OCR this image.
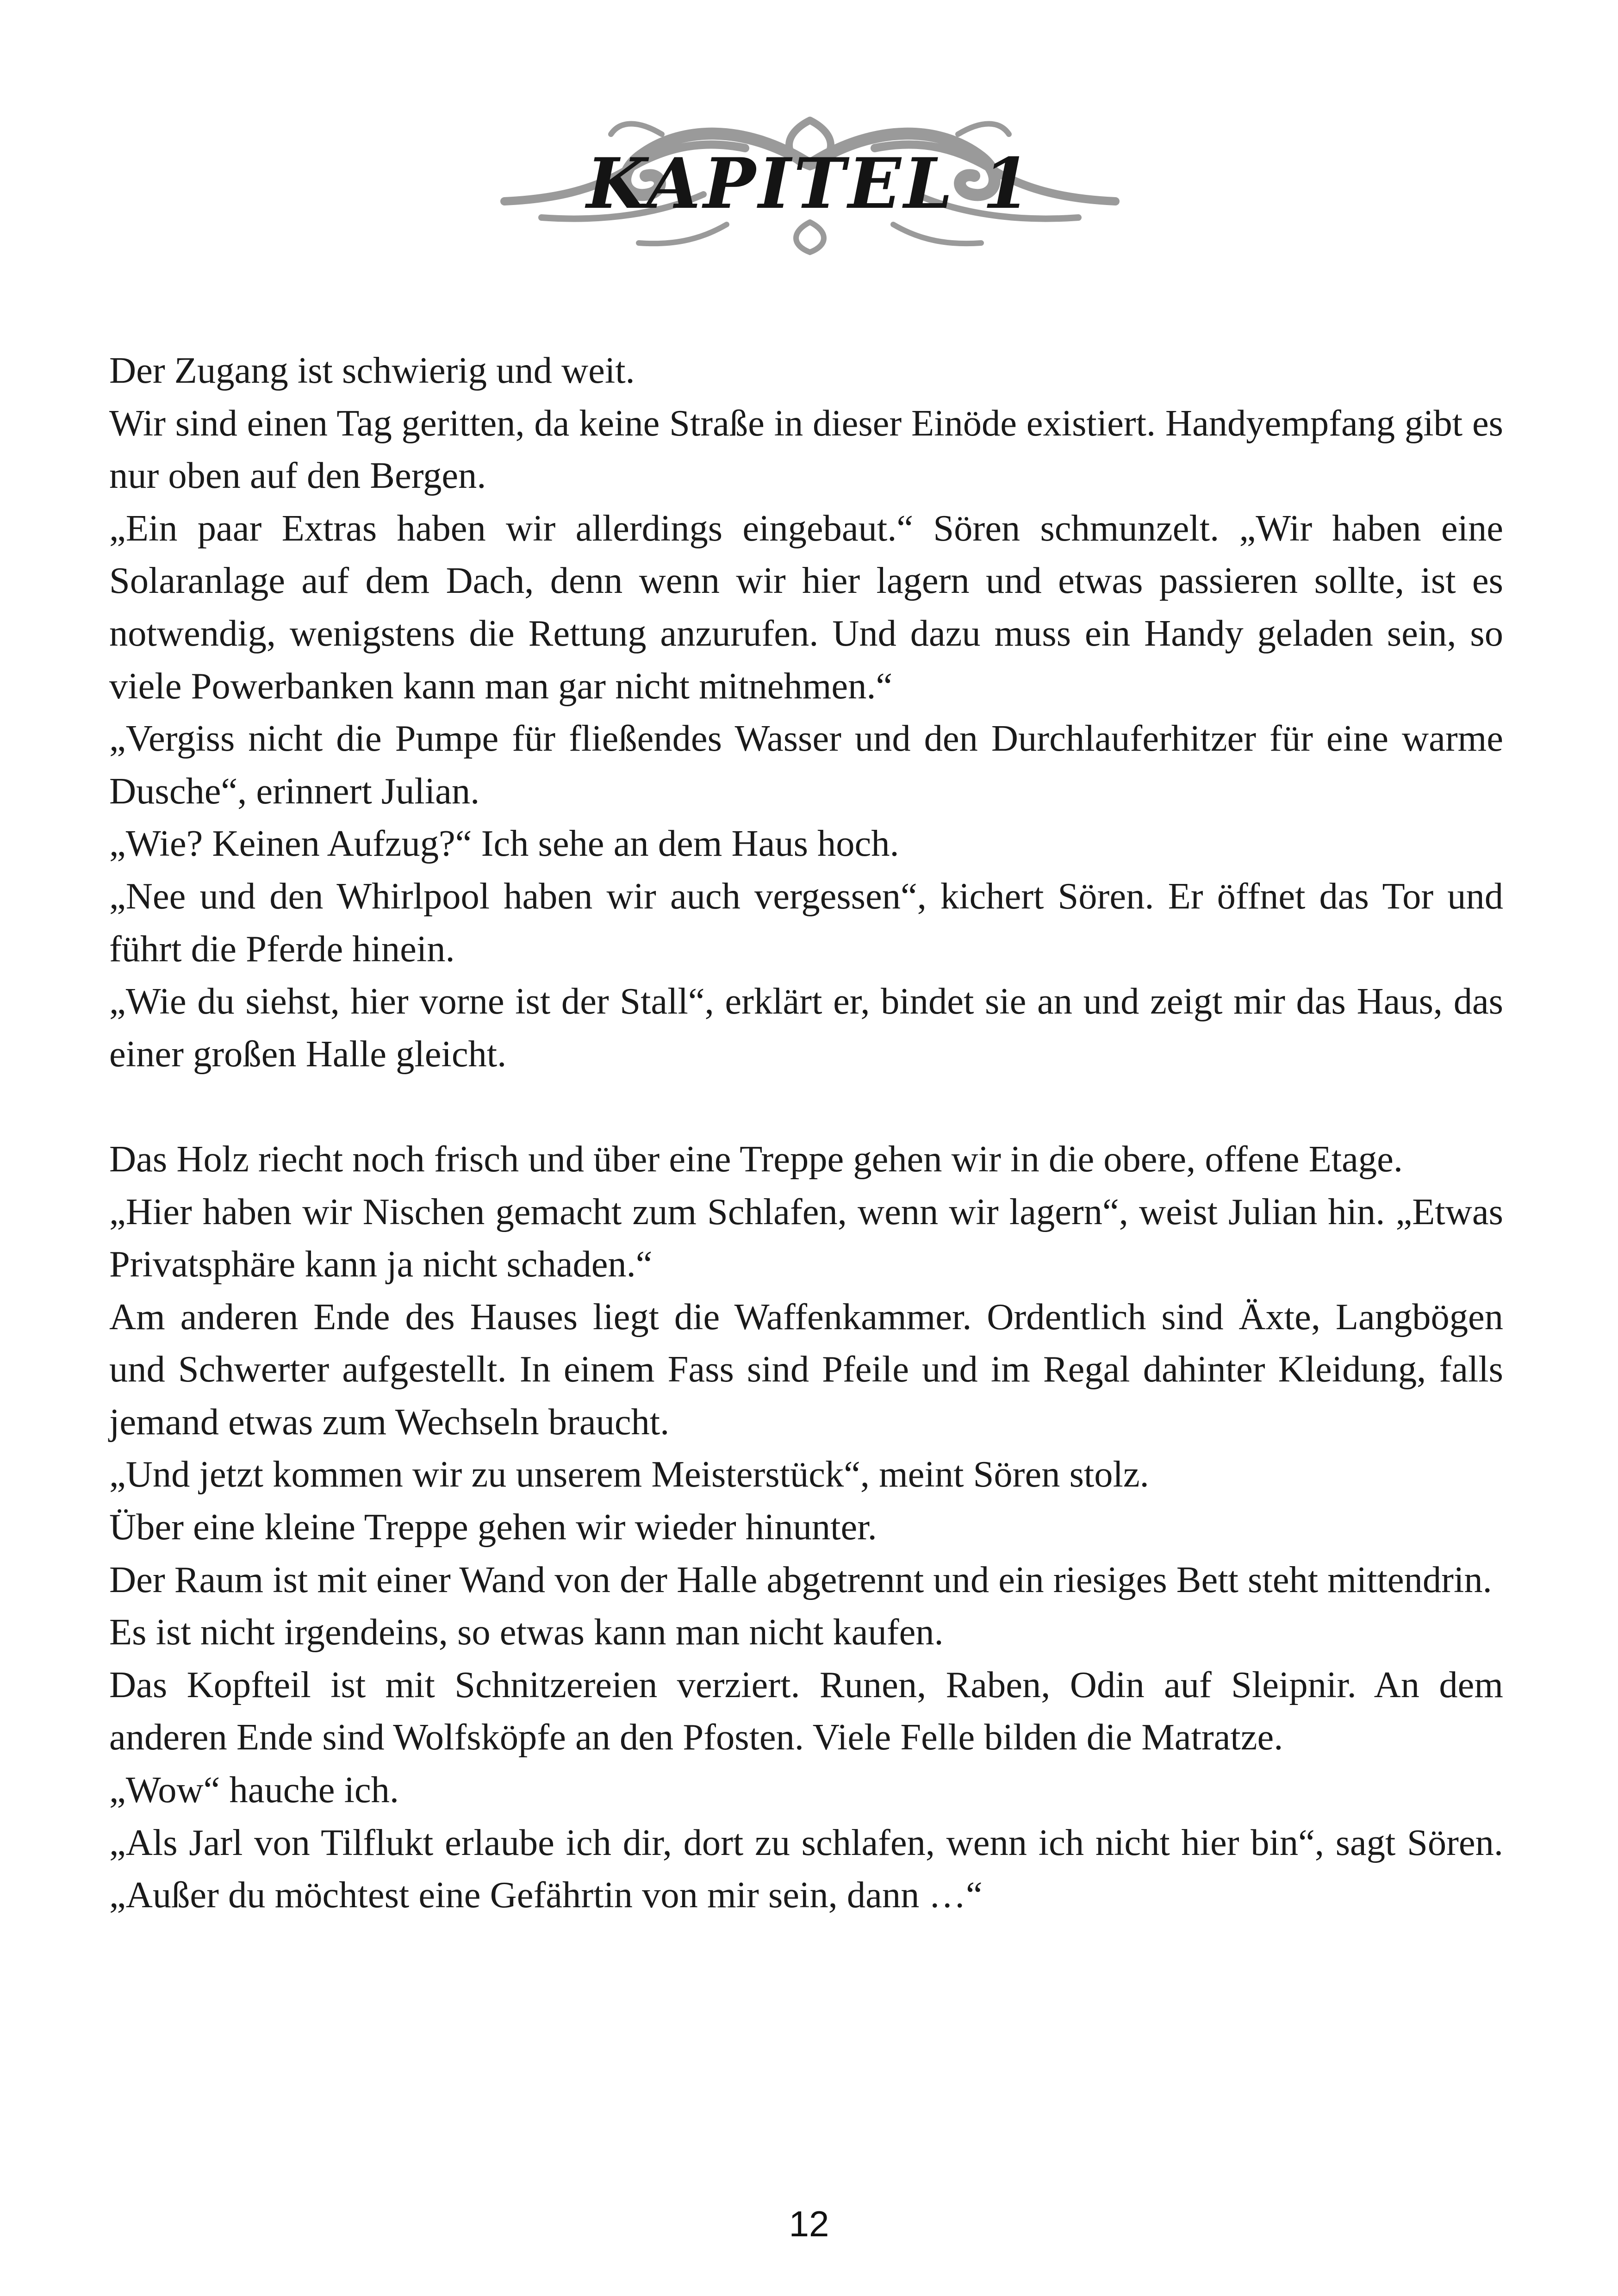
KAPITEL 1

Der Zugang ist schwierig und weit.

Wir sind einen Tag geritten, da keine Straße in dieser Einöde existiert. Handyempfang gibt es nur oben auf den Bergen.

„Ein paar Extras haben wir allerdings eingebaut.“ Sören schmunzelt. „Wir haben eine Solaranlage auf dem Dach, denn wenn wir hier lagern und etwas passieren sollte, ist es notwendig, wenigstens die Rettung anzurufen. Und dazu muss ein Handy geladen sein, so viele Powerbanken kann man gar nicht mitnehmen.“

„Vergiss nicht die Pumpe für fließendes Wasser und den Durchlauferhitzer für eine warme Dusche“, erinnert Julian.

„Wie? Keinen Aufzug?“ Ich sehe an dem Haus hoch.

„Nee und den Whirlpool haben wir auch vergessen“, kichert Sören. Er öffnet das Tor und führt die Pferde hinein.

„Wie du siehst, hier vorne ist der Stall“, erklärt er, bindet sie an und zeigt mir das Haus, das einer großen Halle gleicht.

Das Holz riecht noch frisch und über eine Treppe gehen wir in die obere, offene Etage.

„Hier haben wir Nischen gemacht zum Schlafen, wenn wir lagern“, weist Julian hin. „Etwas Privatsphäre kann ja nicht schaden.“

Am anderen Ende des Hauses liegt die Waffenkammer. Ordentlich sind Äxte, Langbögen und Schwerter aufgestellt. In einem Fass sind Pfeile und im Regal dahinter Kleidung, falls jemand etwas zum Wechseln braucht.

„Und jetzt kommen wir zu unserem Meisterstück“, meint Sören stolz.

Über eine kleine Treppe gehen wir wieder hinunter.

Der Raum ist mit einer Wand von der Halle abgetrennt und ein riesiges Bett steht mittendrin.

Es ist nicht irgendeins, so etwas kann man nicht kaufen.

Das Kopfteil ist mit Schnitzereien verziert. Runen, Raben, Odin auf Sleipnir. An dem anderen Ende sind Wolfsköpfe an den Pfosten. Viele Felle bilden die Matratze.

„Wow“ hauche ich.

„Als Jarl von Tilflukt erlaube ich dir, dort zu schlafen, wenn ich nicht hier bin“, sagt Sören. „Außer du möchtest eine Gefährtin von mir sein, dann …“

12
